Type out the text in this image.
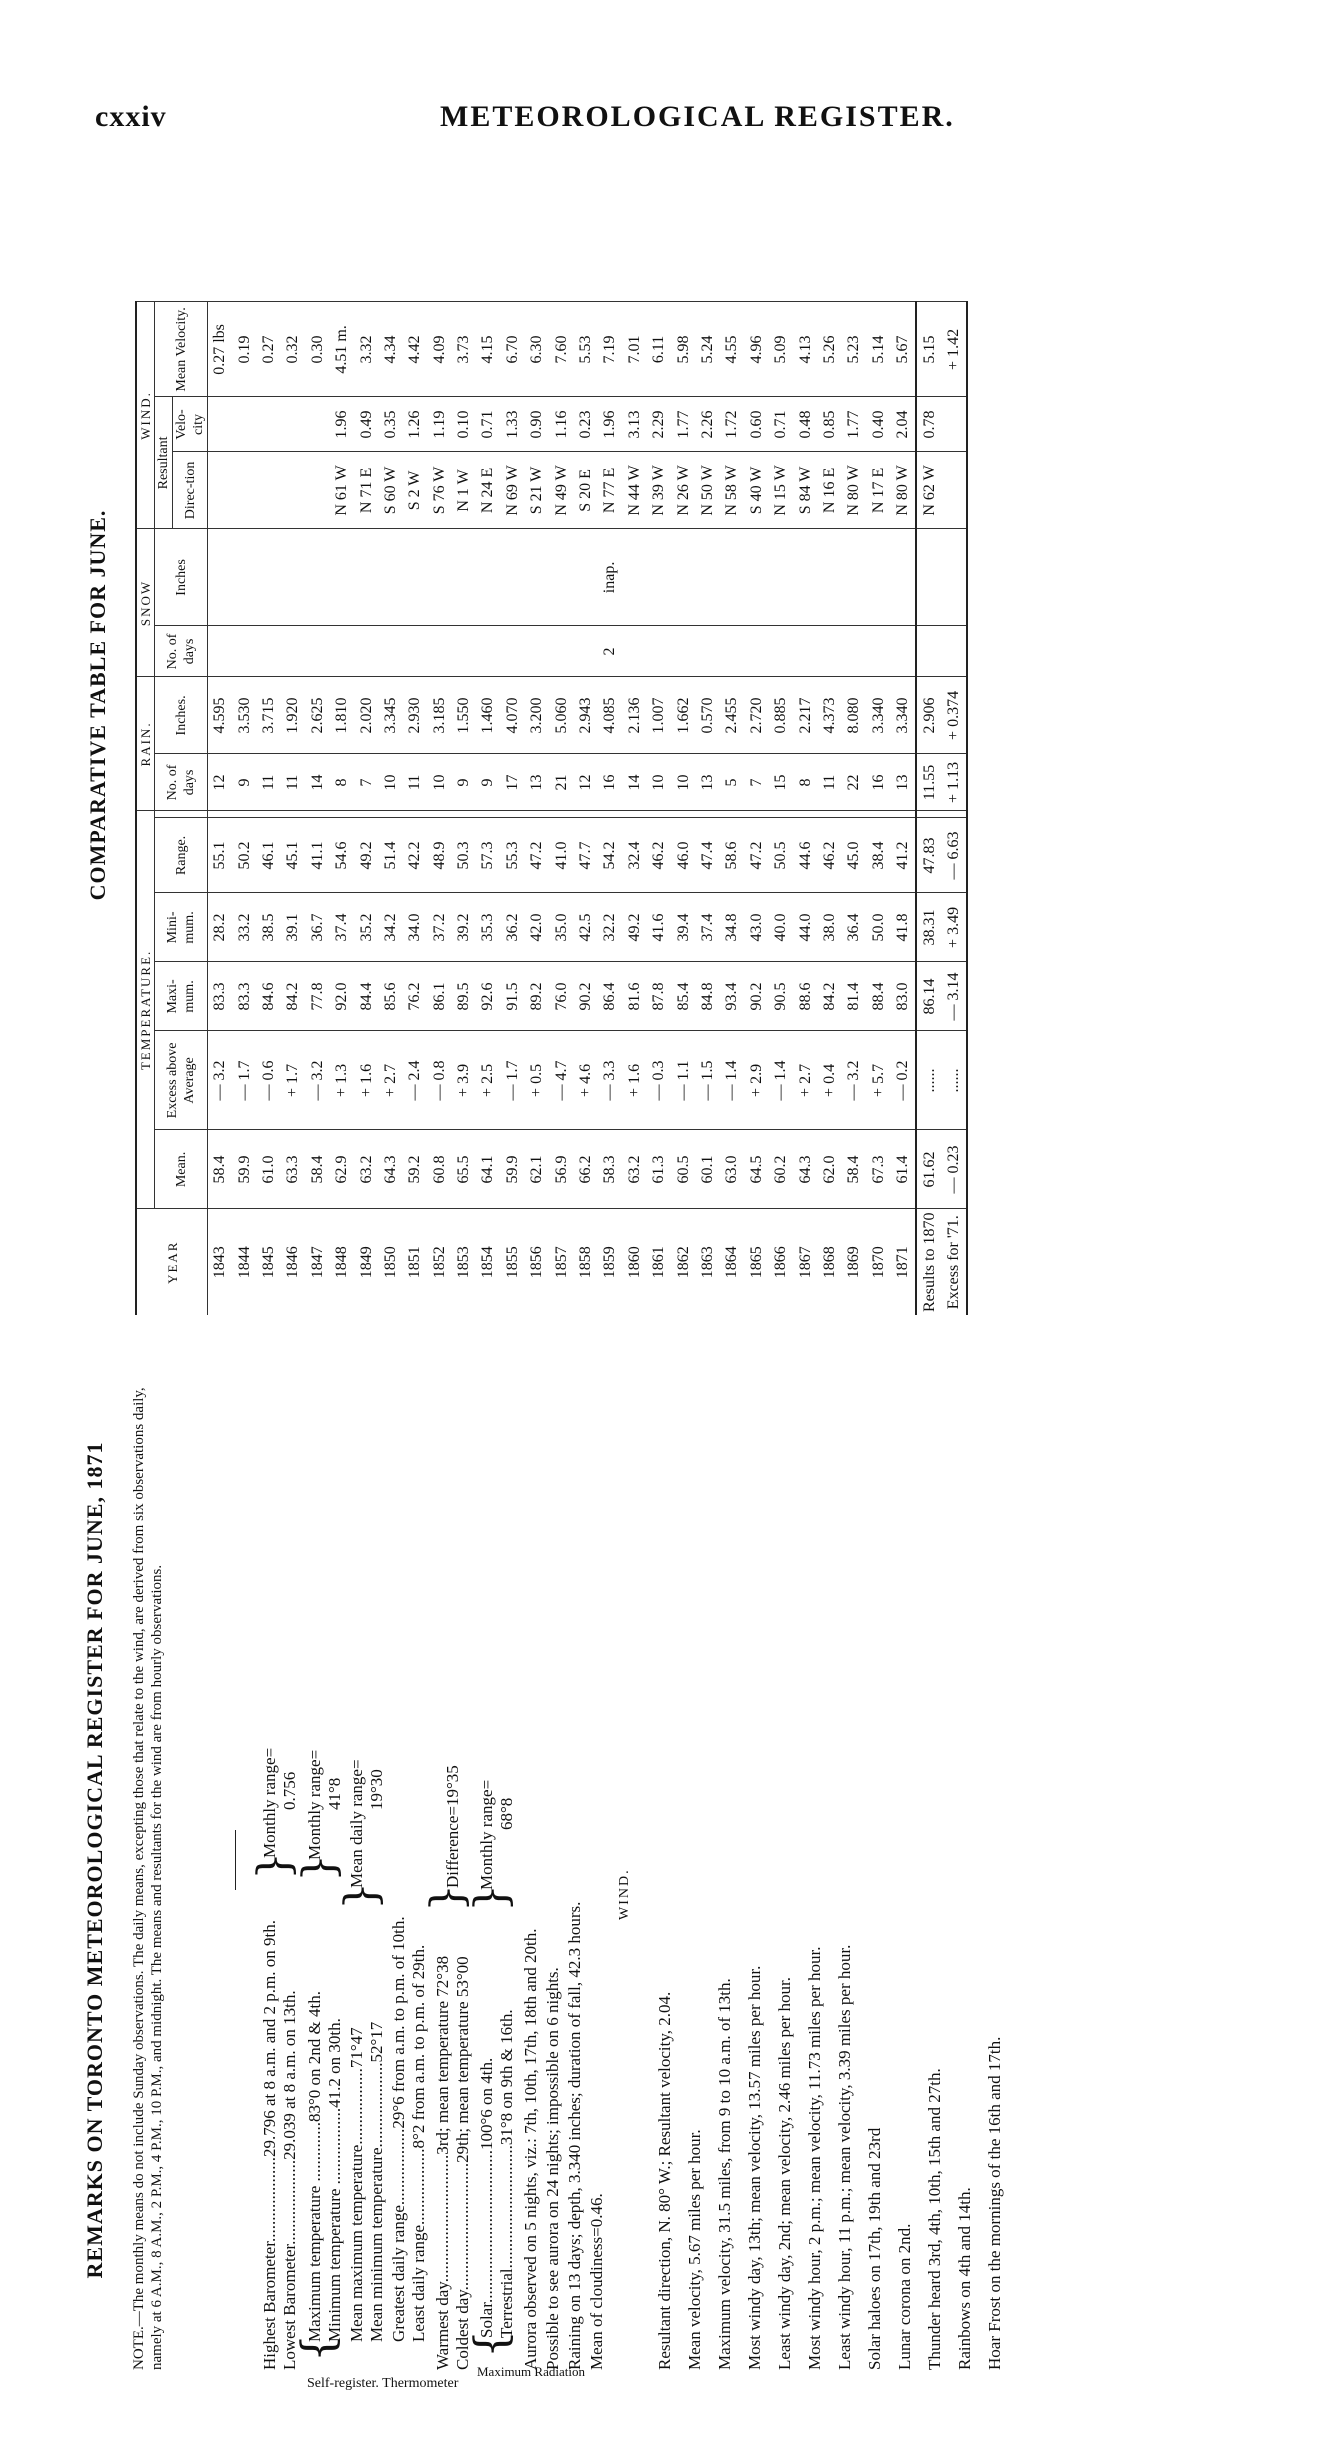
cxxiv	METEOROLOGICAL REGISTER.
REMARKS ON TORONTO METEOROLOGICAL REGISTER FOR JUNE, 1871 NOTE.—The monthly means do not include Sunday observations. The daily means, excepting those that relate to the wind, are derived from six observations daily, namely at 6 A.M., 8 A.M., 2 P.M., 4 P.M., 10 P.M., and midnight. The means and resultants for the wind are from hourly observations.	Highest Barometer....................29.796 at 8 a.m. and 2 p.m. on 9th. Lowest Barometer....................29.039 at 8 a.m. on 13th.
}
Monthly range= 0.756
Self-register. Thermometer
{
Maximum temperature ..............83°0 on 2nd & 4th. Minimum temperature ..................41.2 on 30th.
}
Monthly range= 41°8
Mean maximum temperature..................71°47 Mean minimum temperature....................52°17
}
Mean daily range= 19°30
Greatest daily range..................29°6 from a.m. to p.m. of 10th. Least daily range..................8°2 from a.m. to p.m. of 29th. Warmest day..............................3rd; mean temperature 72°38 Coldest day..............................29th; mean temperature 53°00
}
Difference=19°35
Maximum Radiation
{
Solar....................................100°6 on 4th. Terrestrial.............................31°8 on 9th & 16th.
}
Monthly range= 68°8
Aurora observed on 5 nights, viz.: 7th, 10th, 17th, 18th and 20th. Possible to see aurora on 24 nights; impossible on 6 nights. Raining on 13 days; depth, 3.340 inches; duration of fall, 42.3 hours. Mean of cloudiness=0.46.
WIND.
Resultant direction, N. 80° W.; Resultant velocity, 2.04. Mean velocity, 5.67 miles per hour. Maximum velocity, 31.5 miles, from 9 to 10 a.m. of 13th. Most windy day, 13th; mean velocity, 13.57 miles per hour. Least windy day, 2nd; mean velocity, 2.46 miles per hour. Most windy hour, 2 p.m.; mean velocity, 11.73 miles per hour. Least windy hour, 11 p.m.; mean velocity, 3.39 miles per hour. Solar haloes on 17th, 19th and 23rd Lunar corona on 2nd. Thunder heard 3rd, 4th, 10th, 15th and 27th. Rainbows on 4th and 14th. Hoar Frost on the mornings of the 16th and 17th.
COMPARATIVE TABLE FOR JUNE.
YEAR	TEMPERATURE.						RAIN.		SNOW		WIND.		
	Mean.	Excess above Average	Maxi-mum.	Mini-mum.	Range.		No. of days	Inches.	No. of days	Inches	Resultant		Mean Velocity.
											Direc-tion	Velo-city	
1843	58.4	— 3.2	83.3	28.2	55.1		12	4.595					0.27 lbs
1844	59.9	— 1.7	83.3	33.2	50.2		9	3.530					0.19
1845	61.0	— 0.6	84.6	38.5	46.1		11	3.715					0.27
1846	63.3	+ 1.7	84.2	39.1	45.1		11	1.920					0.32
1847	58.4	— 3.2	77.8	36.7	41.1		14	2.625					0.30
1848	62.9	+ 1.3	92.0	37.4	54.6		8	1.810			N 61 W	1.96	4.51 m.
1849	63.2	+ 1.6	84.4	35.2	49.2		7	2.020			N 71 E	0.49	3.32
1850	64.3	+ 2.7	85.6	34.2	51.4		10	3.345			S 60 W	0.35	4.34
1851	59.2	— 2.4	76.2	34.0	42.2		11	2.930			S 2 W	1.26	4.42
1852	60.8	— 0.8	86.1	37.2	48.9		10	3.185			S 76 W	1.19	4.09
1853	65.5	+ 3.9	89.5	39.2	50.3		9	1.550			N 1 W	0.10	3.73
1854	64.1	+ 2.5	92.6	35.3	57.3		9	1.460			N 24 E	0.71	4.15
1855	59.9	— 1.7	91.5	36.2	55.3		17	4.070			N 69 W	1.33	6.70
1856	62.1	+ 0.5	89.2	42.0	47.2		13	3.200			S 21 W	0.90	6.30
1857	56.9	— 4.7	76.0	35.0	41.0		21	5.060			N 49 W	1.16	7.60
1858	66.2	+ 4.6	90.2	42.5	47.7		12	2.943			S 20 E	0.23	5.53
1859	58.3	— 3.3	86.4	32.2	54.2		16	4.085	2	inap.	N 77 E	1.96	7.19
1860	63.2	+ 1.6	81.6	49.2	32.4		14	2.136			N 44 W	3.13	7.01
1861	61.3	— 0.3	87.8	41.6	46.2		10	1.007			N 39 W	2.29	6.11
1862	60.5	— 1.1	85.4	39.4	46.0		10	1.662			N 26 W	1.77	5.98
1863	60.1	— 1.5	84.8	37.4	47.4		13	0.570			N 50 W	2.26	5.24
1864	63.0	— 1.4	93.4	34.8	58.6		5	2.455			N 58 W	1.72	4.55
1865	64.5	+ 2.9	90.2	43.0	47.2		7	2.720			S 40 W	0.60	4.96
1866	60.2	— 1.4	90.5	40.0	50.5		15	0.885			N 15 W	0.71	5.09
1867	64.3	+ 2.7	88.6	44.0	44.6		8	2.217			S 84 W	0.48	4.13
1868	62.0	+ 0.4	84.2	38.0	46.2		11	4.373			N 16 E	0.85	5.26
1869	58.4	— 3.2	81.4	36.4	45.0		22	8.080			N 80 W	1.77	5.23
1870	67.3	+ 5.7	88.4	50.0	38.4		16	3.340			N 17 E	0.40	5.14
1871	61.4	— 0.2	83.0	41.8	41.2		13	3.340			N 80 W	2.04	5.67
Results to 1870	61.62	......	86.14	38.31	47.83		11.55	2.906			N 62 W	0.78	5.15
Excess for '71.	— 0.23	......	— 3.14	+ 3.49	— 6.63		+ 1.13	+ 0.374					+ 1.42
